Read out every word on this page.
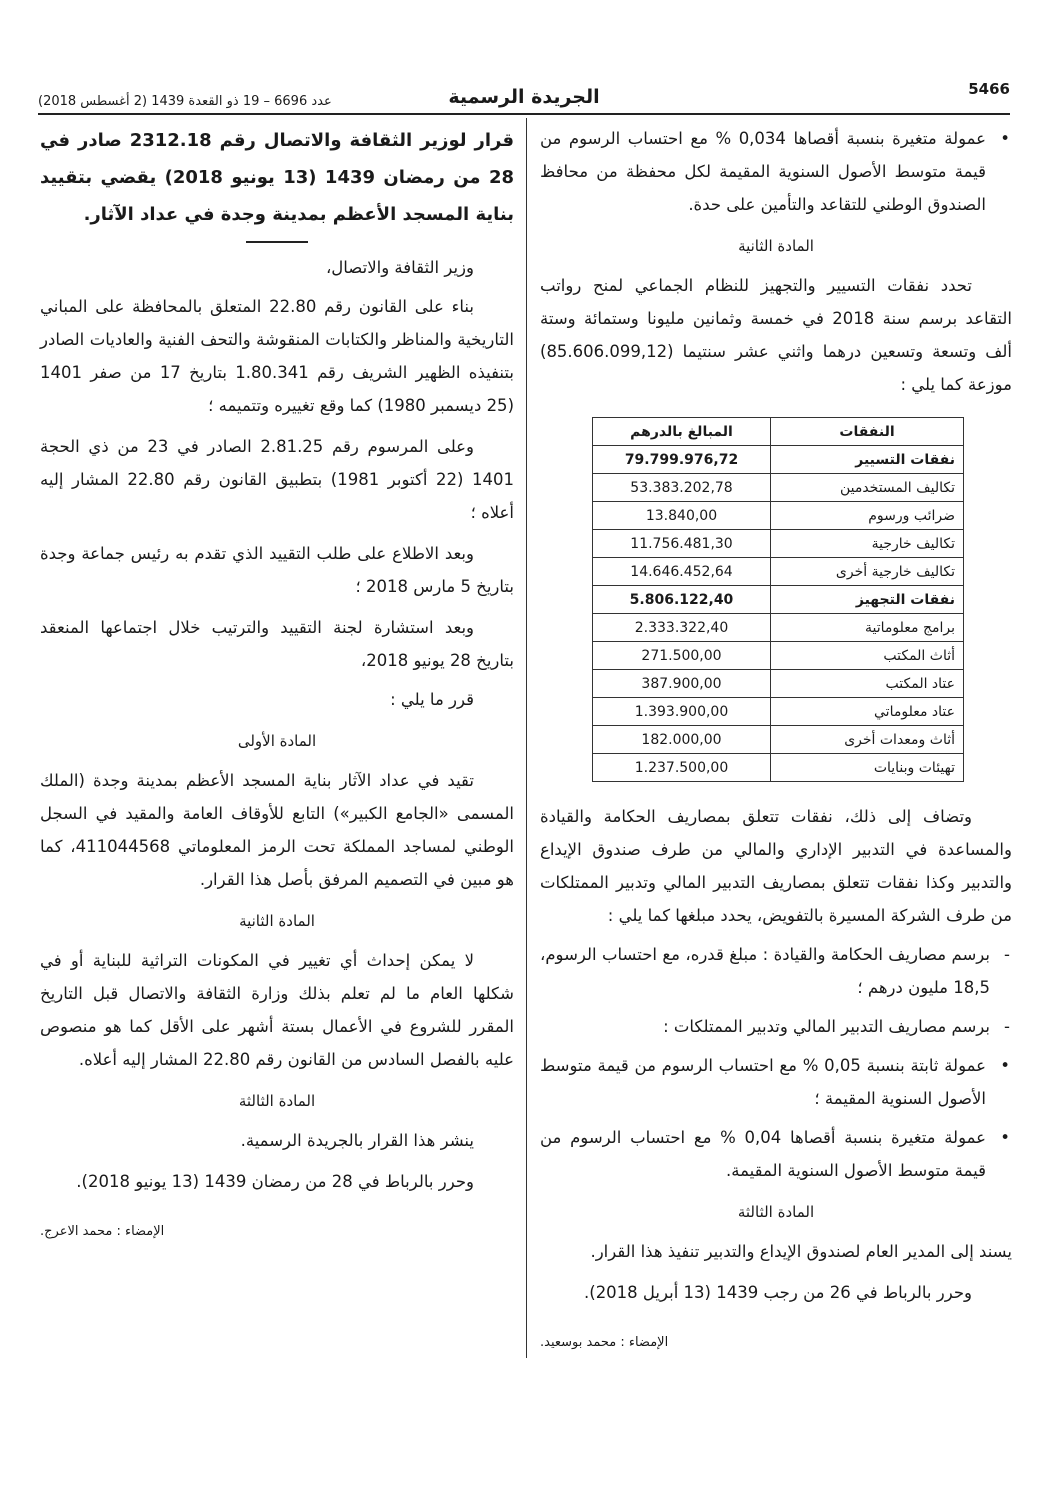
5466
الجريدة الرسمية
عدد 6696 – 19 ذو القعدة 1439 (2 أغسطس 2018)

•
عمولة متغيرة بنسبة أقصاها 0,034 % مع احتساب الرسوم من قيمة متوسط الأصول السنوية المقيمة لكل محفظة من محافظ الصندوق الوطني للتقاعد والتأمين على حدة.

المادة الثانية

تحدد نفقات التسيير والتجهيز للنظام الجماعي لمنح رواتب التقاعد برسم سنة 2018 في خمسة وثمانين مليونا وستمائة وستة ألف وتسعة وتسعين درهما واثني عشر سنتيما (85.606.099,12) موزعة كما يلي :

النفقات	المبالغ بالدرهم
نفقات التسيير	79.799.976,72
تكاليف المستخدمين	53.383.202,78
ضرائب ورسوم	13.840,00
تكاليف خارجية	11.756.481,30
تكاليف خارجية أخرى	14.646.452,64
نفقات التجهيز	5.806.122,40
برامج معلوماتية	2.333.322,40
أثاث المكتب	271.500,00
عتاد المكتب	387.900,00
عتاد معلوماتي	1.393.900,00
أثاث ومعدات أخرى	182.000,00
تهيئات وبنايات	1.237.500,00

وتضاف إلى ذلك، نفقات تتعلق بمصاريف الحكامة والقيادة والمساعدة في التدبير الإداري والمالي من طرف صندوق الإيداع والتدبير وكذا نفقات تتعلق بمصاريف التدبير المالي وتدبير الممتلكات من طرف الشركة المسيرة بالتفويض، يحدد مبلغها كما يلي :

-
برسم مصاريف الحكامة والقيادة : مبلغ قدره، مع احتساب الرسوم، 18,5 مليون درهم ؛

-
برسم مصاريف التدبير المالي وتدبير الممتلكات :

•
عمولة ثابتة بنسبة 0,05 % مع احتساب الرسوم من قيمة متوسط الأصول السنوية المقيمة ؛

•
عمولة متغيرة بنسبة أقصاها 0,04 % مع احتساب الرسوم من قيمة متوسط الأصول السنوية المقيمة.

المادة الثالثة

يسند إلى المدير العام لصندوق الإيداع والتدبير تنفيذ هذا القرار.

وحرر بالرباط في 26 من رجب 1439 (13 أبريل 2018).

الإمضاء : محمد بوسعيد.
قرار لوزير الثقافة والاتصال رقم 2312.18 صادر في 28 من رمضان 1439 (13 يونيو 2018) يقضي بتقييد بناية المسجد الأعظم بمدينة وجدة في عداد الآثار.

وزير الثقافة والاتصال،

بناء على القانون رقم 22.80 المتعلق بالمحافظة على المباني التاريخية والمناظر والكتابات المنقوشة والتحف الفنية والعاديات الصادر بتنفيذه الظهير الشريف رقم 1.80.341 بتاريخ 17 من صفر 1401 (25 ديسمبر 1980) كما وقع تغييره وتتميمه ؛

وعلى المرسوم رقم 2.81.25 الصادر في 23 من ذي الحجة 1401 (22 أكتوبر 1981) بتطبيق القانون رقم 22.80 المشار إليه أعلاه ؛

وبعد الاطلاع على طلب التقييد الذي تقدم به رئيس جماعة وجدة بتاريخ 5 مارس 2018 ؛

وبعد استشارة لجنة التقييد والترتيب خلال اجتماعها المنعقد بتاريخ 28 يونيو 2018،

قرر ما يلي :

المادة الأولى

تقيد في عداد الآثار بناية المسجد الأعظم بمدينة وجدة (الملك المسمى «الجامع الكبير») التابع للأوقاف العامة والمقيد في السجل الوطني لمساجد المملكة تحت الرمز المعلوماتي 411044568، كما هو مبين في التصميم المرفق بأصل هذا القرار.

المادة الثانية

لا يمكن إحداث أي تغيير في المكونات التراثية للبناية أو في شكلها العام ما لم تعلم بذلك وزارة الثقافة والاتصال قبل التاريخ المقرر للشروع في الأعمال بستة أشهر على الأقل كما هو منصوص عليه بالفصل السادس من القانون رقم 22.80 المشار إليه أعلاه.

المادة الثالثة

ينشر هذا القرار بالجريدة الرسمية.

وحرر بالرباط في 28 من رمضان 1439 (13 يونيو 2018).

الإمضاء : محمد الاعرج.
